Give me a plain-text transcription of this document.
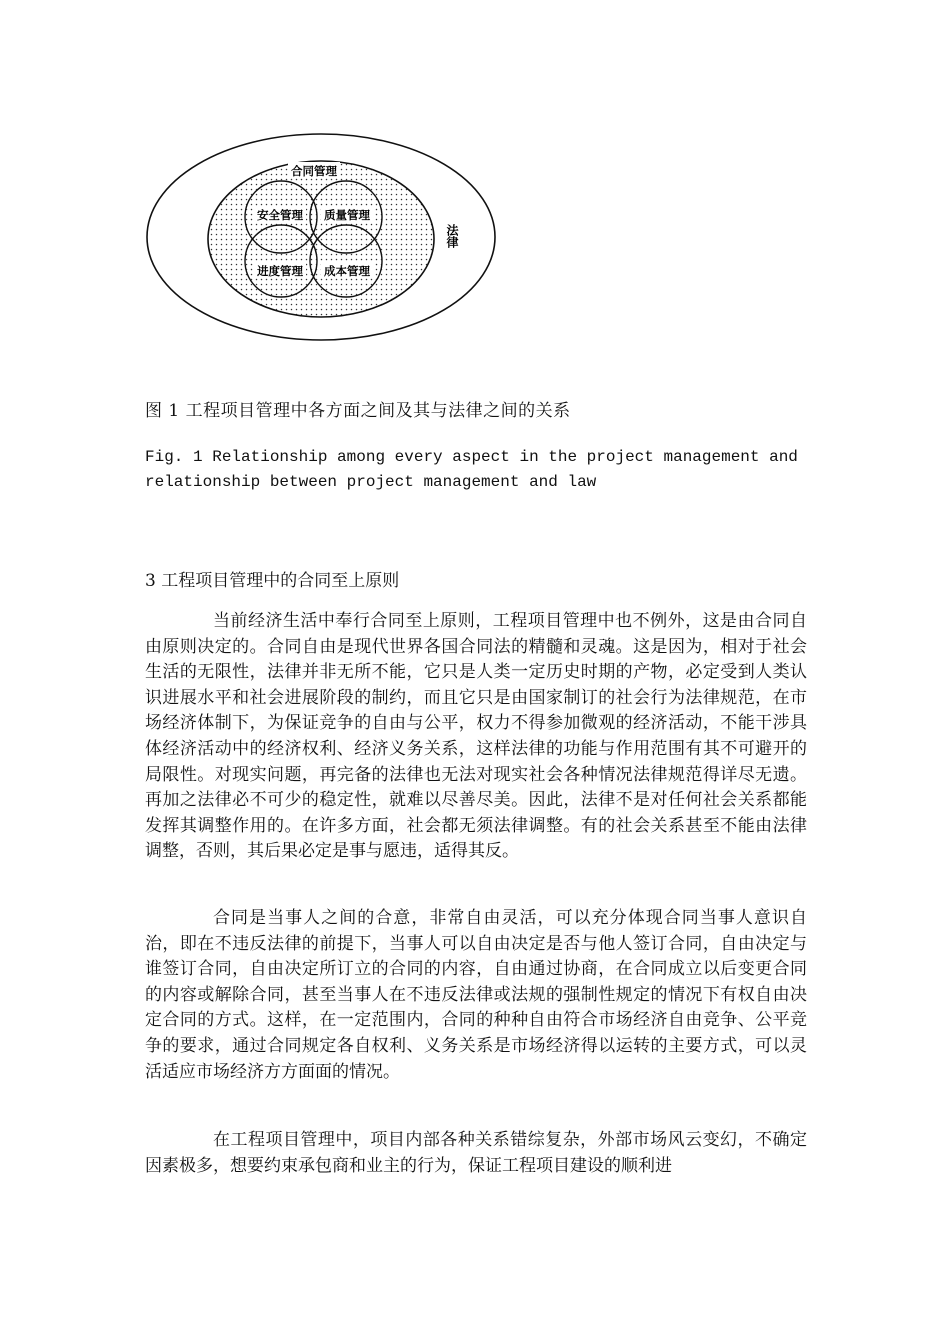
合同管理
安全管理 质量管理
进度管理 成本管理
法律
图 1 工程项目管理中各方面之间及其与法律之间的关系
Fig. 1 Relationship among every aspect in the project management and relationship between project management and law
3 工程项目管理中的合同至上原则

当前经济生活中奉行合同至上原则，工程项目管理中也不例外，这是由合同自由原则决定的。合同自由是现代世界各国合同法的精髓和灵魂。这是因为，相对于社会生活的无限性，法律并非无所不能，它只是人类一定历史时期的产物，必定受到人类认识进展水平和社会进展阶段的制约，而且它只是由国家制订的社会行为法律规范，在市场经济体制下，为保证竞争的自由与公平，权力不得参加微观的经济活动，不能干涉具体经济活动中的经济权利、经济义务关系，这样法律的功能与作用范围有其不可避开的局限性。对现实问题，再完备的法律也无法对现实社会各种情况法律规范得详尽无遗。再加之法律必不可少的稳定性，就难以尽善尽美。因此，法律不是对任何社会关系都能发挥其调整作用的。在许多方面，社会都无须法律调整。有的社会关系甚至不能由法律调整，否则，其后果必定是事与愿违，适得其反。

合同是当事人之间的合意，非常自由灵活，可以充分体现合同当事人意识自治，即在不违反法律的前提下，当事人可以自由决定是否与他人签订合同，自由决定与谁签订合同，自由决定所订立的合同的内容，自由通过协商，在合同成立以后变更合同的内容或解除合同，甚至当事人在不违反法律或法规的强制性规定的情况下有权自由决定合同的方式。这样，在一定范围内，合同的种种自由符合市场经济自由竞争、公平竞争的要求，通过合同规定各自权利、义务关系是市场经济得以运转的主要方式，可以灵活适应市场经济方方面面的情况。

在工程项目管理中，项目内部各种关系错综复杂，外部市场风云变幻，不确定因素极多，想要约束承包商和业主的行为，保证工程项目建设的顺利进
